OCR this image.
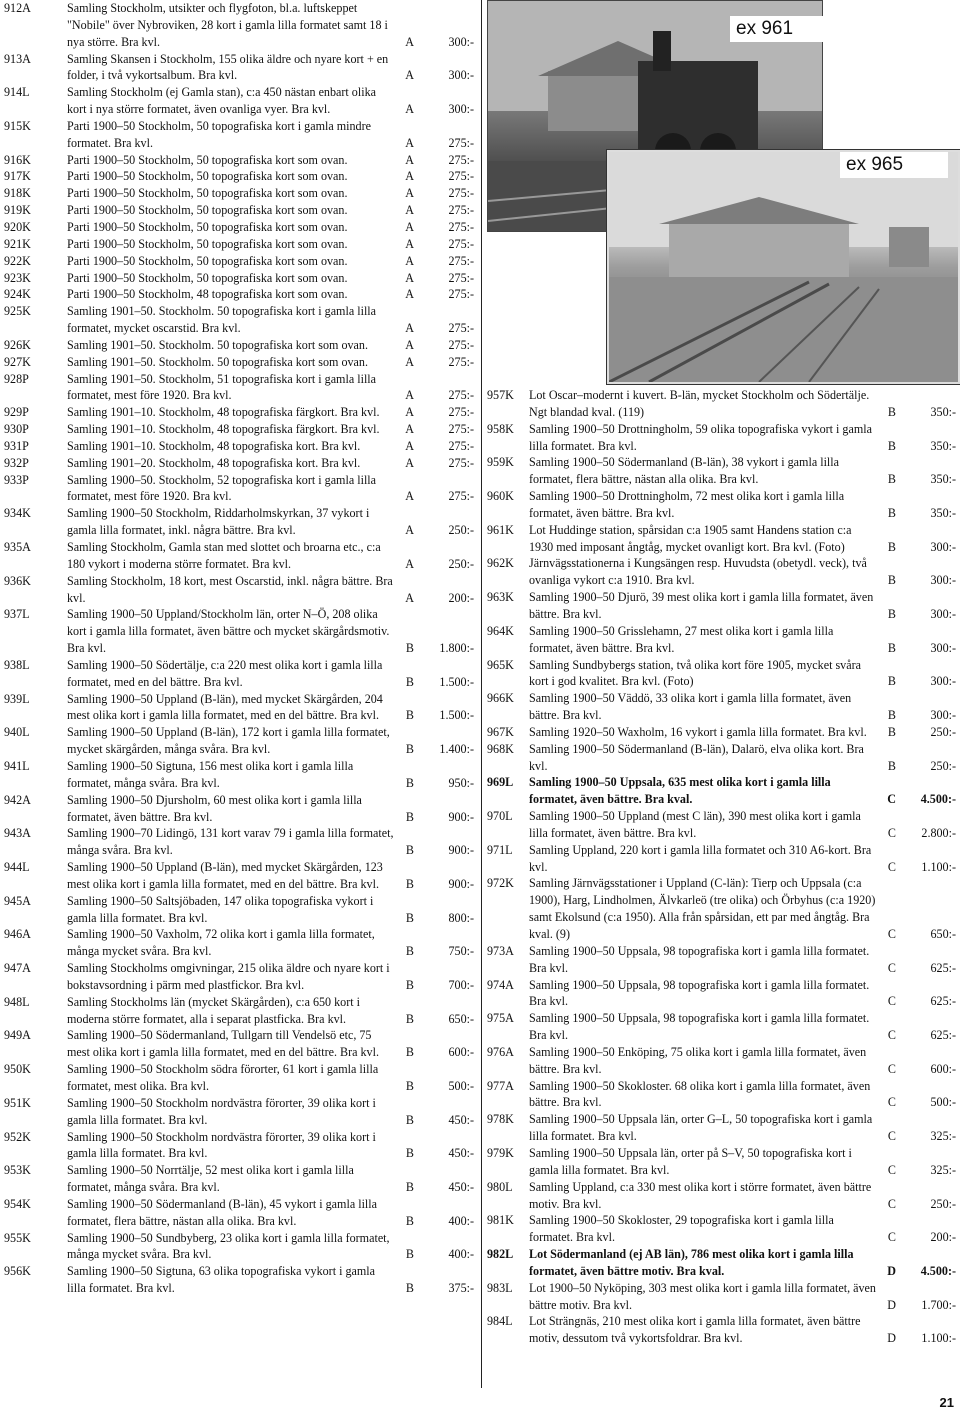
912A	Samling Stockholm, utsikter och flygfoton, bl.a. luftskeppet "Nobile" över Nybroviken, 28 kort i gamla lilla formatet samt 18 i nya större. Bra kvl.	A	300:-
913A	Samling Skansen i Stockholm, 155 olika äldre och nyare kort + en folder, i två vykortsalbum. Bra kvl.	A	300:-
914L	Samling Stockholm (ej Gamla stan), c:a 450 nästan enbart olika kort i nya större formatet, även ovanliga vyer. Bra kvl.	A	300:-
915K	Parti 1900–50 Stockholm, 50 topografiska kort i gamla mindre formatet. Bra kvl.	A	275:-
916K	Parti 1900–50 Stockholm, 50 topografiska kort som ovan.	A	275:-
917K	Parti 1900–50 Stockholm, 50 topografiska kort som ovan.	A	275:-
918K	Parti 1900–50 Stockholm, 50 topografiska kort som ovan.	A	275:-
919K	Parti 1900–50 Stockholm, 50 topografiska kort som ovan.	A	275:-
920K	Parti 1900–50 Stockholm, 50 topografiska kort som ovan.	A	275:-
921K	Parti 1900–50 Stockholm, 50 topografiska kort som ovan.	A	275:-
922K	Parti 1900–50 Stockholm, 50 topografiska kort som ovan.	A	275:-
923K	Parti 1900–50 Stockholm, 50 topografiska kort som ovan.	A	275:-
924K	Parti 1900–50 Stockholm, 48 topografiska kort som ovan.	A	275:-
925K	Samling 1901–50. Stockholm. 50 topografiska kort i gamla lilla formatet, mycket oscarstid. Bra kvl.	A	275:-
926K	Samling 1901–50. Stockholm. 50 topografiska kort som ovan.	A	275:-
927K	Samling 1901–50. Stockholm. 50 topografiska kort som ovan.	A	275:-
928P	Samling 1901–50. Stockholm, 51 topografiska kort i gamla lilla formatet, mest före 1920. Bra kvl.	A	275:-
929P	Samling 1901–10. Stockholm, 48 topografiska färgkort. Bra kvl.	A	275:-
930P	Samling 1901–10. Stockholm, 48 topografiska färgkort. Bra kvl.	A	275:-
931P	Samling 1901–10. Stockholm, 48 topografiska kort. Bra kvl.	A	275:-
932P	Samling 1901–20. Stockholm, 48 topografiska kort. Bra kvl.	A	275:-
933P	Samling 1900–50. Stockholm, 52 topografiska kort i gamla lilla formatet, mest före 1920. Bra kvl.	A	275:-
934K	Samling 1900–50 Stockholm, Riddarholmskyrkan, 37 vykort i gamla lilla formatet, inkl. några bättre. Bra kvl.	A	250:-
935A	Samling Stockholm, Gamla stan med slottet och broarna etc., c:a 180 vykort i moderna större formatet. Bra kvl.	A	250:-
936K	Samling Stockholm, 18 kort, mest Oscarstid, inkl. några bättre. Bra kvl.	A	200:-
937L	Samling 1900–50 Uppland/Stockholm län, orter N–Ö, 208 olika kort i gamla lilla formatet, även bättre och mycket skärgårdsmotiv. Bra kvl.	B	1.800:-
938L	Samling 1900–50 Södertälje, c:a 220 mest olika kort i gamla lilla formatet, med en del bättre. Bra kvl.	B	1.500:-
939L	Samling 1900–50 Uppland (B-län), med mycket Skärgården, 204 mest olika kort i gamla lilla formatet, med en del bättre. Bra kvl.	B	1.500:-
940L	Samling 1900–50 Uppland (B-län), 172 kort i gamla lilla formatet, mycket skärgården, många svåra. Bra kvl.	B	1.400:-
941L	Samling 1900–50 Sigtuna, 156 mest olika kort i gamla lilla formatet, många svåra. Bra kvl.	B	950:-
942A	Samling 1900–50 Djursholm, 60 mest olika kort i gamla lilla formatet, även bättre. Bra kvl.	B	900:-
943A	Samling 1900–70 Lidingö, 131 kort varav 79 i gamla lilla formatet, många svåra. Bra kvl.	B	900:-
944L	Samling 1900–50 Uppland (B-län), med mycket Skärgården, 123 mest olika kort i gamla lilla formatet, med en del bättre. Bra kvl.	B	900:-
945A	Samling 1900–50 Saltsjöbaden, 147 olika topografiska vykort i gamla lilla formatet. Bra kvl.	B	800:-
946A	Samling 1900–50 Vaxholm, 72 olika kort i gamla lilla formatet, många mycket svåra. Bra kvl.	B	750:-
947A	Samling Stockholms omgivningar, 215 olika äldre och nyare kort i bokstavsordning i pärm med plastfickor. Bra kvl.	B	700:-
948L	Samling Stockholms län (mycket Skärgården), c:a 650 kort i moderna större formatet, alla i separat plastficka. Bra kvl.	B	650:-
949A	Samling 1900–50 Södermanland, Tullgarn till Vendelsö etc, 75 mest olika kort i gamla lilla formatet, med en del bättre. Bra kvl.	B	600:-
950K	Samling 1900–50 Stockholm södra förorter, 61 kort i gamla lilla formatet, mest olika. Bra kvl.	B	500:-
951K	Samling 1900–50 Stockholm nordvästra förorter, 39 olika kort i gamla lilla formatet. Bra kvl.	B	450:-
952K	Samling 1900–50 Stockholm nordvästra förorter, 39 olika kort i gamla lilla formatet. Bra kvl.	B	450:-
953K	Samling 1900–50 Norrtälje, 52 mest olika kort i gamla lilla formatet, många svåra. Bra kvl.	B	450:-
954K	Samling 1900–50 Södermanland (B-län), 45 vykort i gamla lilla formatet, flera bättre, nästan alla olika. Bra kvl.	B	400:-
955K	Samling 1900–50 Sundbyberg, 23 olika kort i gamla lilla formatet, många mycket svåra. Bra kvl.	B	400:-
956K	Samling 1900–50 Sigtuna, 63 olika topografiska vykort i gamla lilla formatet. Bra kvl.	B	375:-
ex 961
ex 965
957K Lot Oscar–modernt i kuvert. B-län, mycket Stockholm och Södertälje. Ngt blandad kval. (119)	B	350:-
958K Samling 1900–50 Drottningholm, 59 olika topografiska vykort i gamla lilla formatet. Bra kvl.	B	350:-
959K Samling 1900–50 Södermanland (B-län), 38 vykort i gamla lilla formatet, flera bättre, nästan alla olika. Bra kvl.	B	350:-
960K Samling 1900–50 Drottningholm, 72 mest olika kort i gamla lilla formatet, även bättre. Bra kvl.	B	350:-
961K Lot Huddinge station, spårsidan c:a 1905 samt Handens station c:a 1930 med imposant ångtåg, mycket ovanligt kort. Bra kvl. (Foto)	B	300:-
962K Järnvägsstationerna i Kungsängen resp. Huvudsta (obetydl. veck), två ovanliga vykort c:a 1910. Bra kvl.	B	300:-
963K Samling 1900–50 Djurö, 39 mest olika kort i gamla lilla formatet, även bättre. Bra kvl.	B	300:-
964K Samling 1900–50 Grisslehamn, 27 mest olika kort i gamla lilla formatet, även bättre. Bra kvl.	B	300:-
965K Samling Sundbybergs station, två olika kort före 1905, mycket svåra kort i god kvalitet. Bra kvl. (Foto)	B	300:-
966K Samling 1900–50 Väddö, 33 olika kort i gamla lilla formatet, även bättre. Bra kvl.	B	300:-
967K Samling 1920–50 Waxholm, 16 vykort i gamla lilla formatet. Bra kvl.	B	250:-
968K Samling 1900–50 Södermanland (B-län), Dalarö, elva olika kort. Bra kvl.	B	250:-
969L Samling 1900–50 Uppsala, 635 mest olika kort i gamla lilla formatet, även bättre. Bra kval.	C	4.500:-
970L Samling 1900–50 Uppland (mest C län), 390 mest olika kort i gamla lilla formatet, även bättre. Bra kvl.	C	2.800:-
971L Samling Uppland, 220 kort i gamla lilla formatet och 310 A6-kort. Bra kvl.	C	1.100:-
972K Samling Järnvägsstationer i Uppland (C-län): Tierp och Uppsala (c:a 1900), Harg, Lindholmen, Älvkarleö (tre olika) och Örbyhus (c:a 1920) samt Ekolsund (c:a 1950). Alla från spårsidan, ett par med ångtåg. Bra kval. (9)	C	650:-
973A Samling 1900–50 Uppsala, 98 topografiska kort i gamla lilla formatet. Bra kvl.	C	625:-
974A Samling 1900–50 Uppsala, 98 topografiska kort i gamla lilla formatet. Bra kvl.	C	625:-
975A Samling 1900–50 Uppsala, 98 topografiska kort i gamla lilla formatet. Bra kvl.	C	625:-
976A Samling 1900–50 Enköping, 75 olika kort i gamla lilla formatet, även bättre. Bra kvl.	C	600:-
977A Samling 1900–50 Skokloster. 68 olika kort i gamla lilla formatet, även bättre. Bra kvl.	C	500:-
978K Samling 1900–50 Uppsala län, orter G–L, 50 topografiska kort i gamla lilla formatet. Bra kvl.	C	325:-
979K Samling 1900–50 Uppsala län, orter på S–V, 50 topografiska kort i gamla lilla formatet. Bra kvl.	C	325:-
980L Samling Uppland, c:a 330 mest olika kort i större formatet, även bättre motiv. Bra kvl.	C	250:-
981K Samling 1900–50 Skokloster, 29 topografiska kort i gamla lilla formatet. Bra kvl.	C	200:-
982L Lot Södermanland (ej AB län), 786 mest olika kort i gamla lilla formatet, även bättre motiv. Bra kval.	D	4.500:-
983L Lot 1900–50 Nyköping, 303 mest olika kort i gamla lilla formatet, även bättre motiv. Bra kvl.	D	1.700:-
984L Lot Strängnäs, 210 mest olika kort i gamla lilla formatet, även bättre motiv, dessutom två vykortsfoldrar. Bra kvl.	D	1.100:-
21
